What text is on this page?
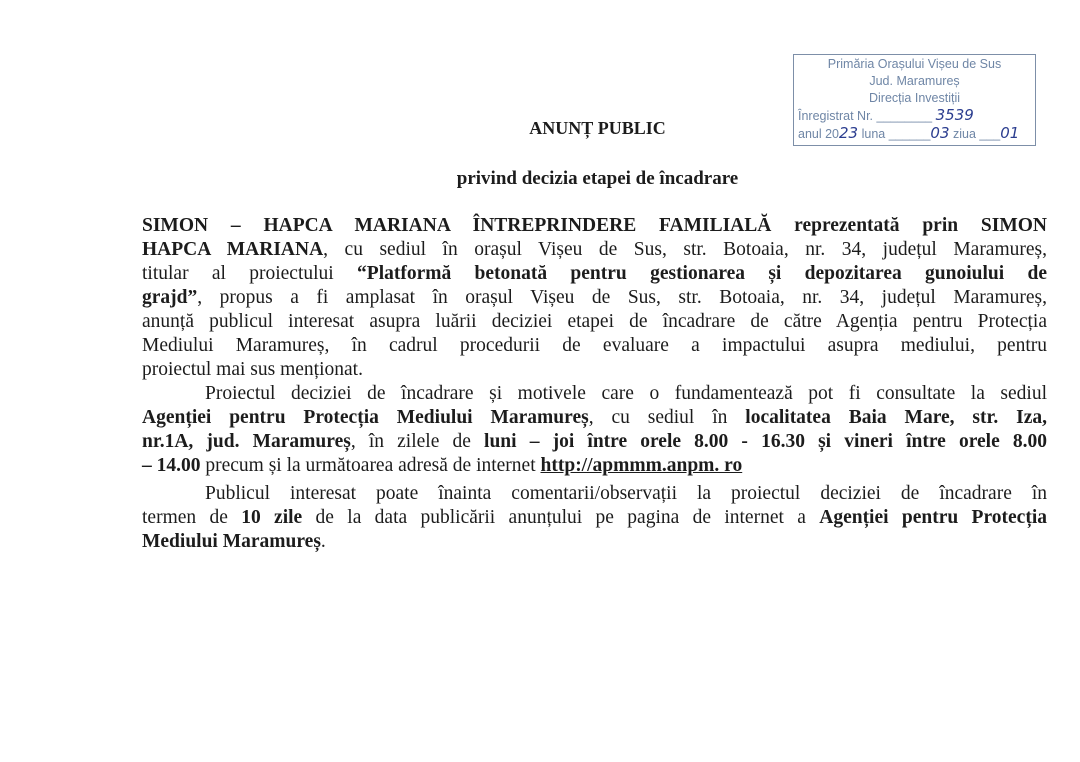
Primăria Orașului Vișeu de Sus
Jud. Maramureș
Direcția Investiții
Înregistrat Nr. ________ 3539
anul 2023 luna ______03 ziua ___01
ANUNȚ PUBLIC
privind decizia etapei de încadrare
SIMON – HAPCA MARIANA ÎNTREPRINDERE FAMILIALĂ reprezentată prin SIMON
HAPCA MARIANA, cu sediul în orașul Vișeu de Sus, str. Botoaia, nr. 34, județul Maramureș,
titular al proiectului “Platformă betonată pentru gestionarea și depozitarea gunoiului de
grajd”, propus a fi amplasat în orașul Vișeu de Sus, str. Botoaia, nr. 34, județul Maramureș,
anunță publicul interesat asupra luării deciziei etapei de încadrare de către Agenția pentru Protecția
Mediului Maramureș, în cadrul procedurii de evaluare a impactului asupra mediului, pentru
proiectul mai sus menționat.
Proiectul deciziei de încadrare și motivele care o fundamentează pot fi consultate la sediul
Agenției pentru Protecția Mediului Maramureș, cu sediul în localitatea Baia Mare, str. Iza,
nr.1A, jud. Maramureș, în zilele de luni – joi între orele 8.00 - 16.30 și vineri între orele 8.00
– 14.00 precum și la următoarea adresă de internet http://apmmm.anpm. ro
Publicul interesat poate înainta comentarii/observații la proiectul deciziei de încadrare în
termen de 10 zile de la data publicării anunțului pe pagina de internet a Agenției pentru Protecția
Mediului Maramureș.
